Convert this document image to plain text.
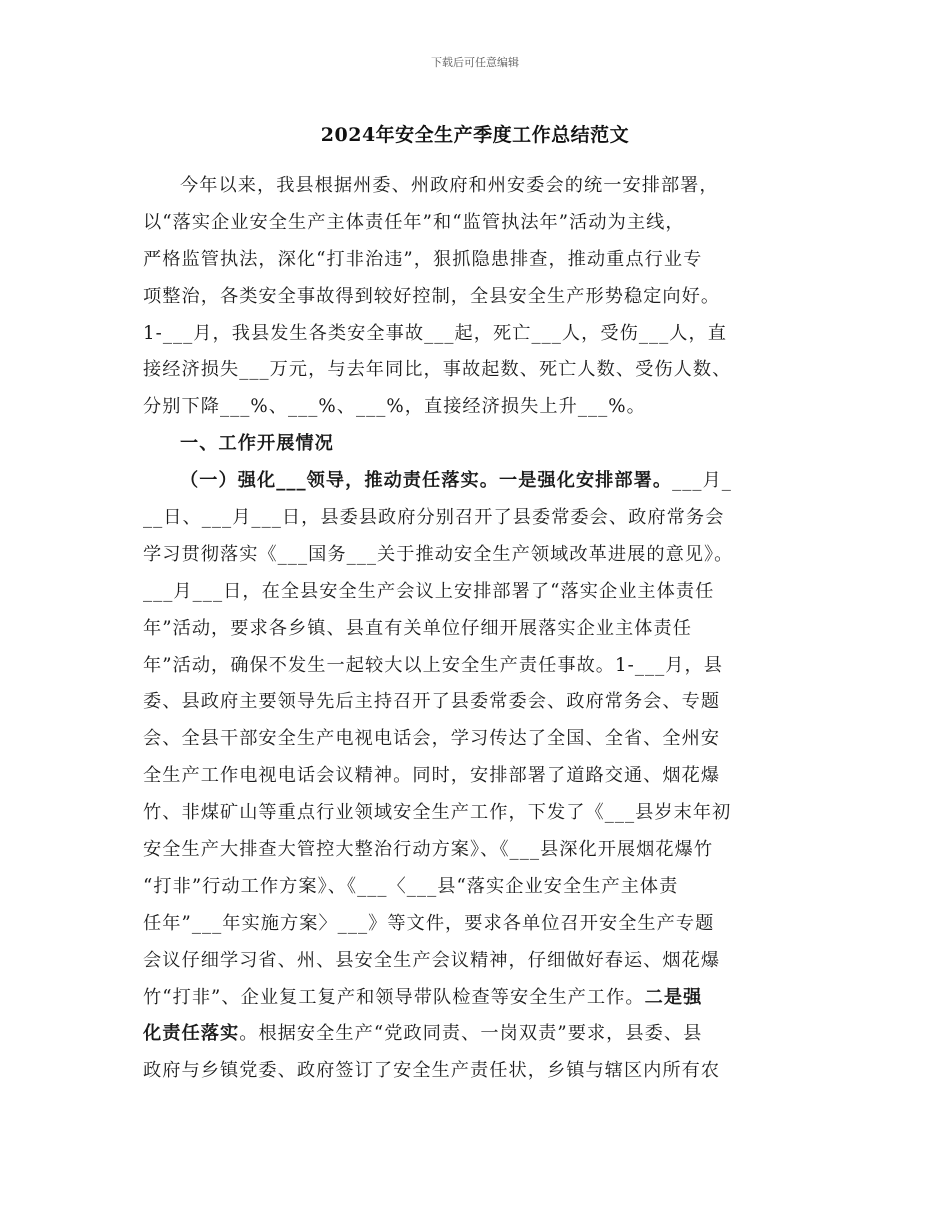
下载后可任意编辑
2024年安全生产季度工作总结范文
今年以来，我县根据州委、州政府和州安委会的统一安排部署，
以“落实企业安全生产主体责任年”和“监管执法年”活动为主线，
严格监管执法，深化“打非治违”，狠抓隐患排查，推动重点行业专
项整治，各类安全事故得到较好控制，全县安全生产形势稳定向好。
1-___月，我县发生各类安全事故___起，死亡___人，受伤___人，直
接经济损失___万元，与去年同比，事故起数、死亡人数、受伤人数、
分别下降___%、___%、___%，直接经济损失上升___%。
一、工作开展情况
（一）强化___领导，推动责任落实。一是强化安排部署。___月_
__日、___月___日，县委县政府分别召开了县委常委会、政府常务会
学习贯彻落实《___国务___关于推动安全生产领域改革进展的意见》。
___月___日，在全县安全生产会议上安排部署了“落实企业主体责任
年”活动，要求各乡镇、县直有关单位仔细开展落实企业主体责任
年”活动，确保不发生一起较大以上安全生产责任事故。1-___月，县
委、县政府主要领导先后主持召开了县委常委会、政府常务会、专题
会、全县干部安全生产电视电话会，学习传达了全国、全省、全州安
全生产工作电视电话会议精神。同时，安排部署了道路交通、烟花爆
竹、非煤矿山等重点行业领域安全生产工作，下发了《___县岁末年初
安全生产大排查大管控大整治行动方案》、《___县深化开展烟花爆竹
“打非”行动工作方案》、《___〈___县“落实企业安全生产主体责
任年”___年实施方案〉___》等文件，要求各单位召开安全生产专题
会议仔细学习省、州、县安全生产会议精神，仔细做好春运、烟花爆
竹“打非”、企业复工复产和领导带队检查等安全生产工作。二是强
化责任落实。根据安全生产“党政同责、一岗双责”要求，县委、县
政府与乡镇党委、政府签订了安全生产责任状，乡镇与辖区内所有农
